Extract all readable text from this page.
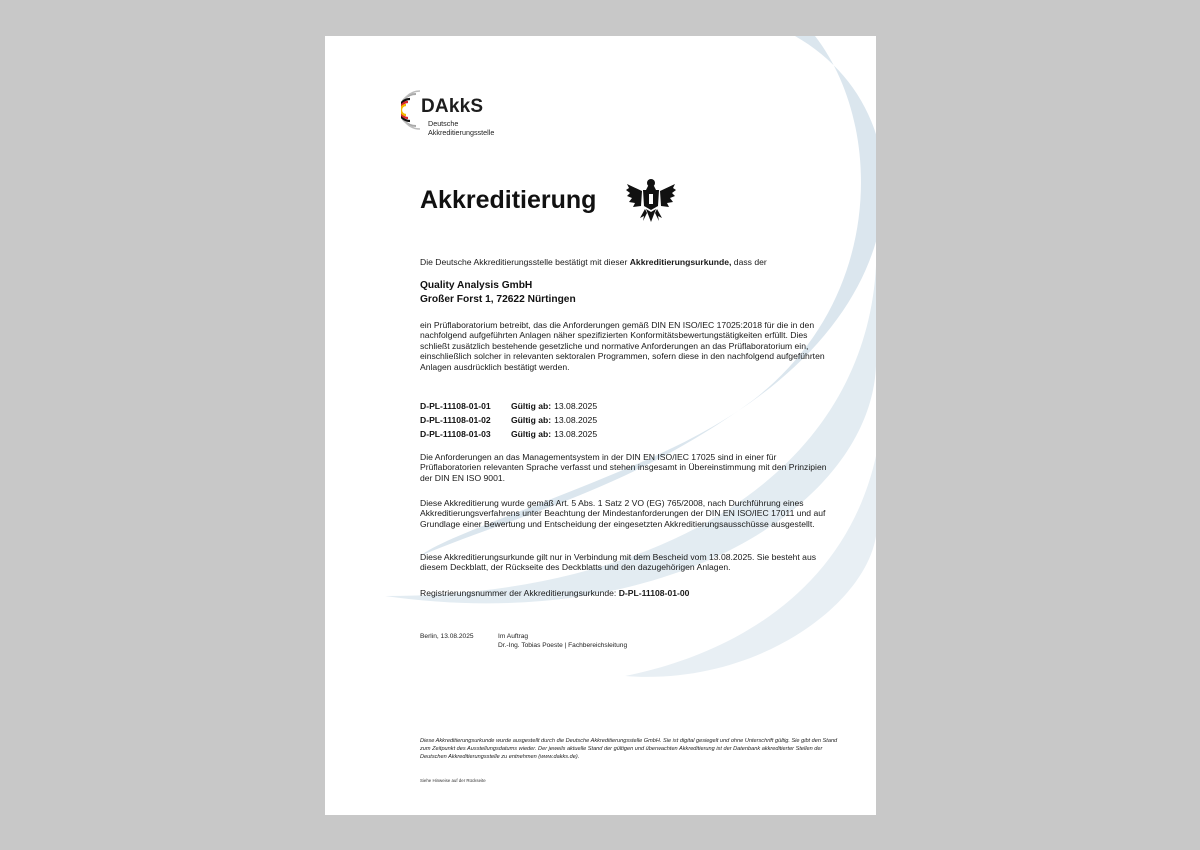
DAkkS
Deutsche
Akkreditierungsstelle
Akkreditierung
Die Deutsche Akkreditierungsstelle bestätigt mit dieser Akkreditierungsurkunde, dass der
Quality Analysis GmbH
Großer Forst 1, 72622 Nürtingen
ein Prüflaboratorium betreibt, das die Anforderungen gemäß DIN EN ISO/IEC 17025:2018 für die in den nachfolgend aufgeführten Anlagen näher spezifizierten Konformitätsbewertungstätigkeiten erfüllt. Dies schließt zusätzlich bestehende gesetzliche und normative Anforderungen an das Prüflaboratorium ein, einschließlich solcher in relevanten sektoralen Programmen, sofern diese in den nachfolgend aufgeführten Anlagen ausdrücklich bestätigt werden.
D-PL-11108-01-01	Gültig ab: 13.08.2025
D-PL-11108-01-02	Gültig ab: 13.08.2025
D-PL-11108-01-03	Gültig ab: 13.08.2025
Die Anforderungen an das Managementsystem in der DIN EN ISO/IEC 17025 sind in einer für Prüflaboratorien relevanten Sprache verfasst und stehen insgesamt in Übereinstimmung mit den Prinzipien der DIN EN ISO 9001.
Diese Akkreditierung wurde gemäß Art. 5 Abs. 1 Satz 2 VO (EG) 765/2008, nach Durchführung eines Akkreditierungsverfahrens unter Beachtung der Mindestanforderungen der DIN EN ISO/IEC 17011 und auf Grundlage einer Bewertung und Entscheidung der eingesetzten Akkreditierungsausschüsse ausgestellt.
Diese Akkreditierungsurkunde gilt nur in Verbindung mit dem Bescheid vom 13.08.2025. Sie besteht aus diesem Deckblatt, der Rückseite des Deckblatts und den dazugehörigen Anlagen.
Registrierungsnummer der Akkreditierungsurkunde: D-PL-11108-01-00
Berlin, 13.08.2025	Im Auftrag
Dr.-Ing. Tobias Poeste | Fachbereichsleitung
Diese Akkreditierungsurkunde wurde ausgestellt durch die Deutsche Akkreditierungsstelle GmbH. Sie ist digital gesiegelt und ohne Unterschrift gültig. Sie gibt den Stand zum Zeitpunkt des Ausstellungsdatums wieder. Der jeweils aktuelle Stand der gültigen und überwachten Akkreditierung ist der Datenbank akkreditierter Stellen der Deutschen Akkreditierungsstelle zu entnehmen (www.dakks.de).
Siehe Hinweise auf der Rückseite
